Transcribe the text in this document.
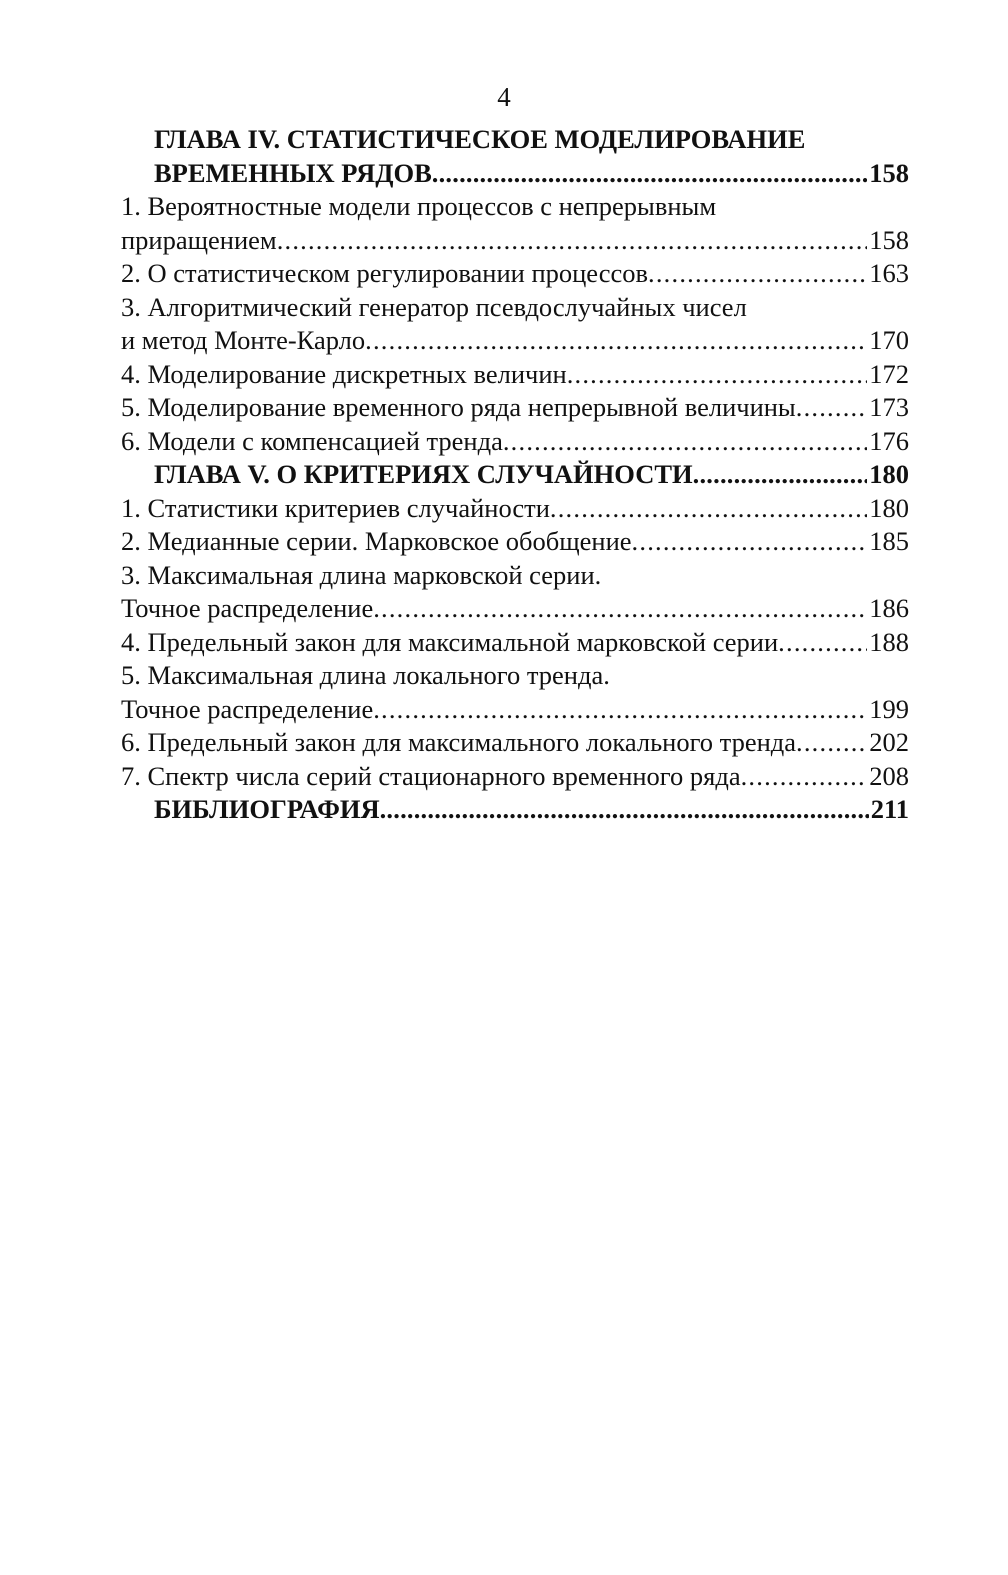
4
ГЛАВА IV. СТАТИСТИЧЕСКОЕ МОДЕЛИРОВАНИЕ
ВРЕМЕННЫХ РЯДОВ .....	158
1. Вероятностные модели процессов с непрерывным
приращением .....	158
2. О статистическом регулировании процессов .....	163
3. Алгоритмический генератор псевдослучайных чисел
и метод Монте-Карло .....	170
4. Моделирование дискретных величин .....	172
5. Моделирование временного ряда непрерывной величины .....	173
6. Модели с компенсацией тренда .....	176
ГЛАВА V. О КРИТЕРИЯХ СЛУЧАЙНОСТИ .....	180
1. Статистики критериев случайности .....	180
2. Медианные серии. Марковское обобщение .....	185
3. Максимальная длина марковской серии.
Точное распределение .....	186
4. Предельный закон для максимальной марковской серии .....	188
5. Максимальная длина локального тренда.
Точное распределение .....	199
6. Предельный закон для максимального локального тренда .....	202
7. Спектр числа серий стационарного временного ряда .....	208
БИБЛИОГРАФИЯ .....	211
